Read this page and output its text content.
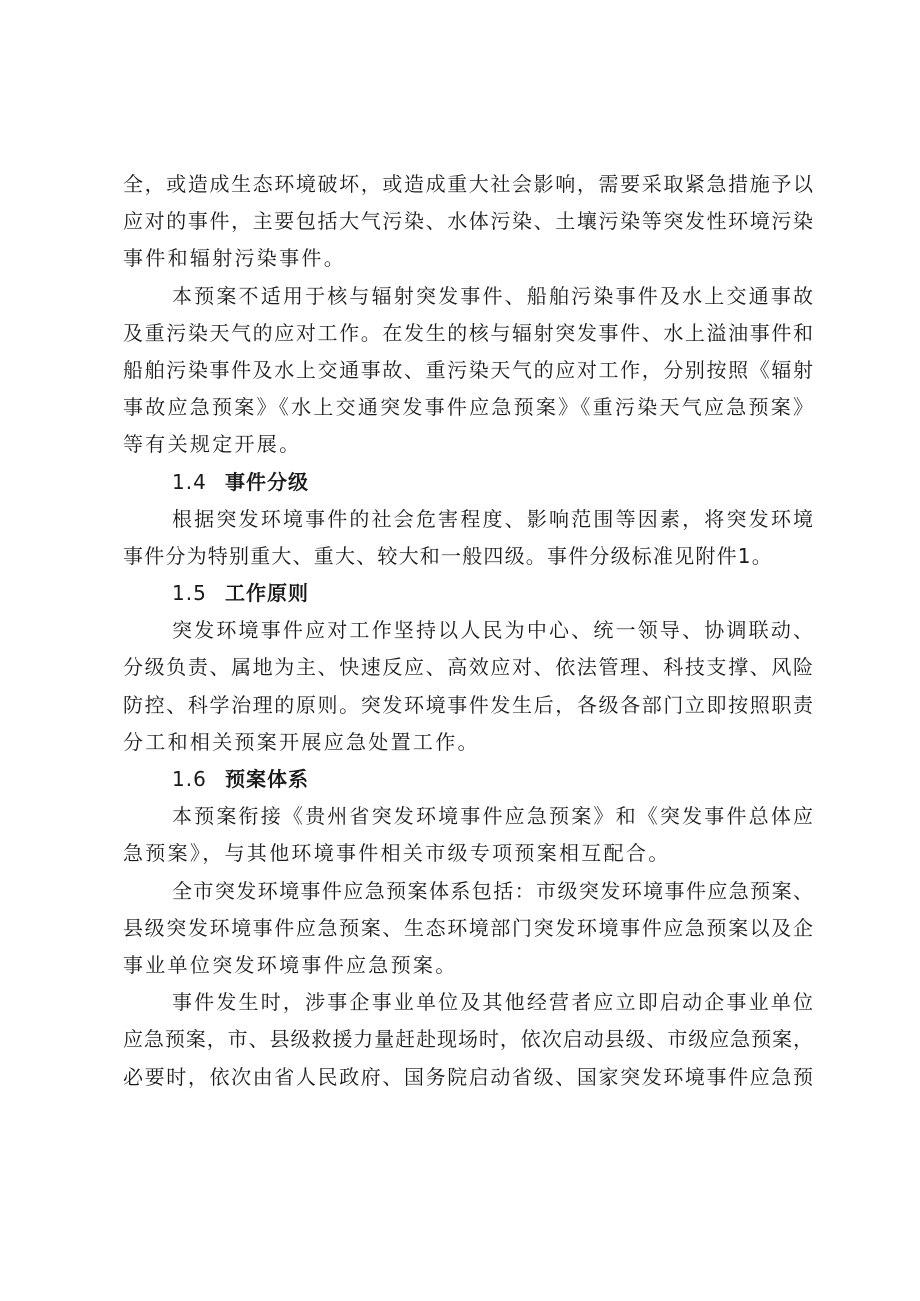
全，或造成生态环境破坏，或造成重大社会影响，需要采取紧急措施予以
应对的事件，主要包括大气污染、水体污染、土壤污染等突发性环境污染
事件和辐射污染事件。
本预案不适用于核与辐射突发事件、船舶污染事件及水上交通事故
及重污染天气的应对工作。在发生的核与辐射突发事件、水上溢油事件和
船舶污染事件及水上交通事故、重污染天气的应对工作，分别按照《辐射
事故应急预案》《水上交通突发事件应急预案》《重污染天气应急预案》
等有关规定开展。
1.4 事件分级
根据突发环境事件的社会危害程度、影响范围等因素，将突发环境
事件分为特别重大、重大、较大和一般四级。事件分级标准见附件1。
1.5 工作原则
突发环境事件应对工作坚持以人民为中心、统一领导、协调联动、
分级负责、属地为主、快速反应、高效应对、依法管理、科技支撑、风险
防控、科学治理的原则。突发环境事件发生后，各级各部门立即按照职责
分工和相关预案开展应急处置工作。
1.6 预案体系
本预案衔接《贵州省突发环境事件应急预案》和《突发事件总体应
急预案》，与其他环境事件相关市级专项预案相互配合。
全市突发环境事件应急预案体系包括：市级突发环境事件应急预案、
县级突发环境事件应急预案、生态环境部门突发环境事件应急预案以及企
事业单位突发环境事件应急预案。
事件发生时，涉事企事业单位及其他经营者应立即启动企事业单位
应急预案，市、县级救援力量赶赴现场时，依次启动县级、市级应急预案，
必要时，依次由省人民政府、国务院启动省级、国家突发环境事件应急预
